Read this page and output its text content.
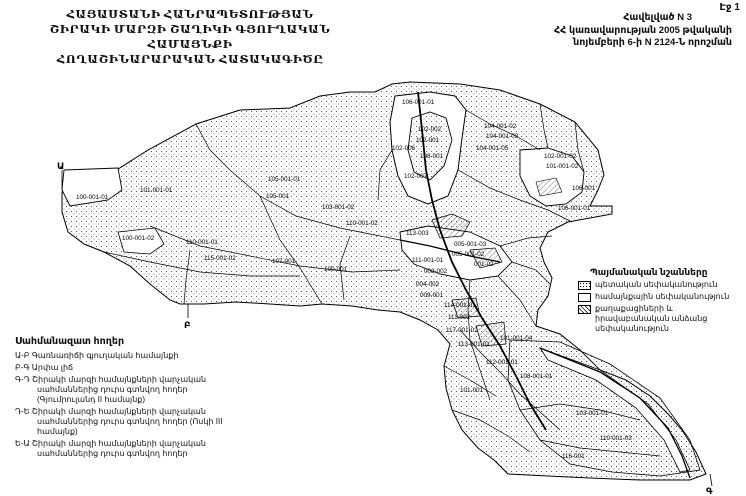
ՀԱՅԱՍՏԱՆԻ ՀԱՆՐԱՊԵՏՈՒԹՅԱՆ
ՇԻՐԱԿԻ ՄԱՐԶԻ ՇԱՂԻԿԻ ԳՅՈՒՂԱԿԱՆ ՀԱՄԱՅՆՔԻ
ՀՈՂԱՇԻՆԱՐԱՐԱԿԱՆ ՀԱՏԱԿԱԳԻԾԸ
Էջ 1
Հավելված N 3
ՀՀ կառավարության 2005 թվականի
նոյեմբերի 6-ի N 2124-Ն որոշման
Ա
Բ
Գ
106-001-01
102-002
102-001
102-006
108-001
102-007
104-001-02
104-001-03
104-001-05
102-001-02
101-001-02
101-001-01
105-001-01
105-001
100-001-01
100-001-02
106-001
106-001-01
103-001-02
110-001-02
110-001-01
100-001
107-001
113-003
115-001-02	111-001-01
005-001-03
005-001-02
003-002
001-02
004-002
009-001
114-001-01
111-002
117-001-02
113-001-01
112-001-01
108-001-01
103-001-01
101-001
110-001-03
116-001
101-001-04
Պայմանական նշանները
պետական սեփականություն
համայնքային սեփականություն
քաղաքացիների և իրավաբանական անձանց սեփականություն
Սահմանազատ հողեր
Ա-Բ Գառնառիճի գյուղական համայնքի
Բ-Գ Արփա լիճ
Գ-Դ Շիրակի մարզի համայնքների վարչական սահմաններից դուրս գտնվող հողեր (Գյումրուլանդ II համայնք)
Դ-Ե Շիրակի մարզի համայնքների վարչական սահմաններից դուրս գտնվող հողեր (Ոսկի III համայնք)
Ե-Ա Շիրակի մարզի համայնքների վարչական սահմաններից դուրս գտնվող հողեր
